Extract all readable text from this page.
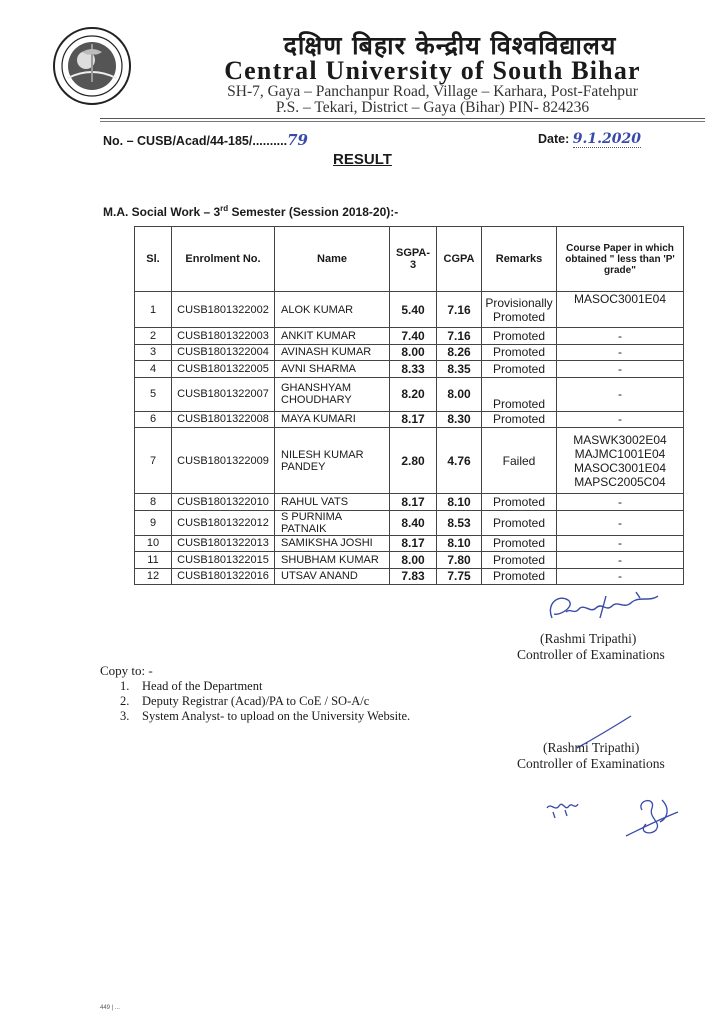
दक्षिण बिहार केन्द्रीय विश्वविद्यालय
Central University of South Bihar
SH-7, Gaya – Panchanpur Road, Village – Karhara, Post-Fatehpur
P.S. – Tekari, District – Gaya (Bihar) PIN- 824236
No. – CUSB/Acad/44-185/..........79	Date: 9.1.2020
RESULT
M.A. Social Work – 3rd Semester (Session 2018-20):-
Sl.	Enrolment No.	Name	SGPA-3	CGPA	Remarks	Course Paper in which obtained " less than 'P' grade"
1	CUSB1801322002	ALOK KUMAR	5.40	7.16	Provisionally Promoted	MASOC3001E04
2	CUSB1801322003	ANKIT KUMAR	7.40	7.16	Promoted	-
3	CUSB1801322004	AVINASH KUMAR	8.00	8.26	Promoted	-
4	CUSB1801322005	AVNI SHARMA	8.33	8.35	Promoted	-
5	CUSB1801322007	GHANSHYAM CHOUDHARY	8.20	8.00	Promoted	-
6	CUSB1801322008	MAYA KUMARI	8.17	8.30	Promoted	-
7	CUSB1801322009	NILESH KUMAR PANDEY	2.80	4.76	Failed	MASWK3002E04
MAJMC1001E04
MASOC3001E04
MAPSC2005C04
8	CUSB1801322010	RAHUL VATS	8.17	8.10	Promoted	-
9	CUSB1801322012	S PURNIMA PATNAIK	8.40	8.53	Promoted	-
10	CUSB1801322013	SAMIKSHA JOSHI	8.17	8.10	Promoted	-
11	CUSB1801322015	SHUBHAM KUMAR	8.00	7.80	Promoted	-
12	CUSB1801322016	UTSAV ANAND	7.83	7.75	Promoted	-
(Rashmi Tripathi)
Controller of Examinations
Copy to: -
1. Head of the Department
2. Deputy Registrar (Acad)/PA to CoE / SO-A/c
3. System Analyst- to upload on the University Website.
(Rashmi Tripathi)
Controller of Examinations
449 | ...
